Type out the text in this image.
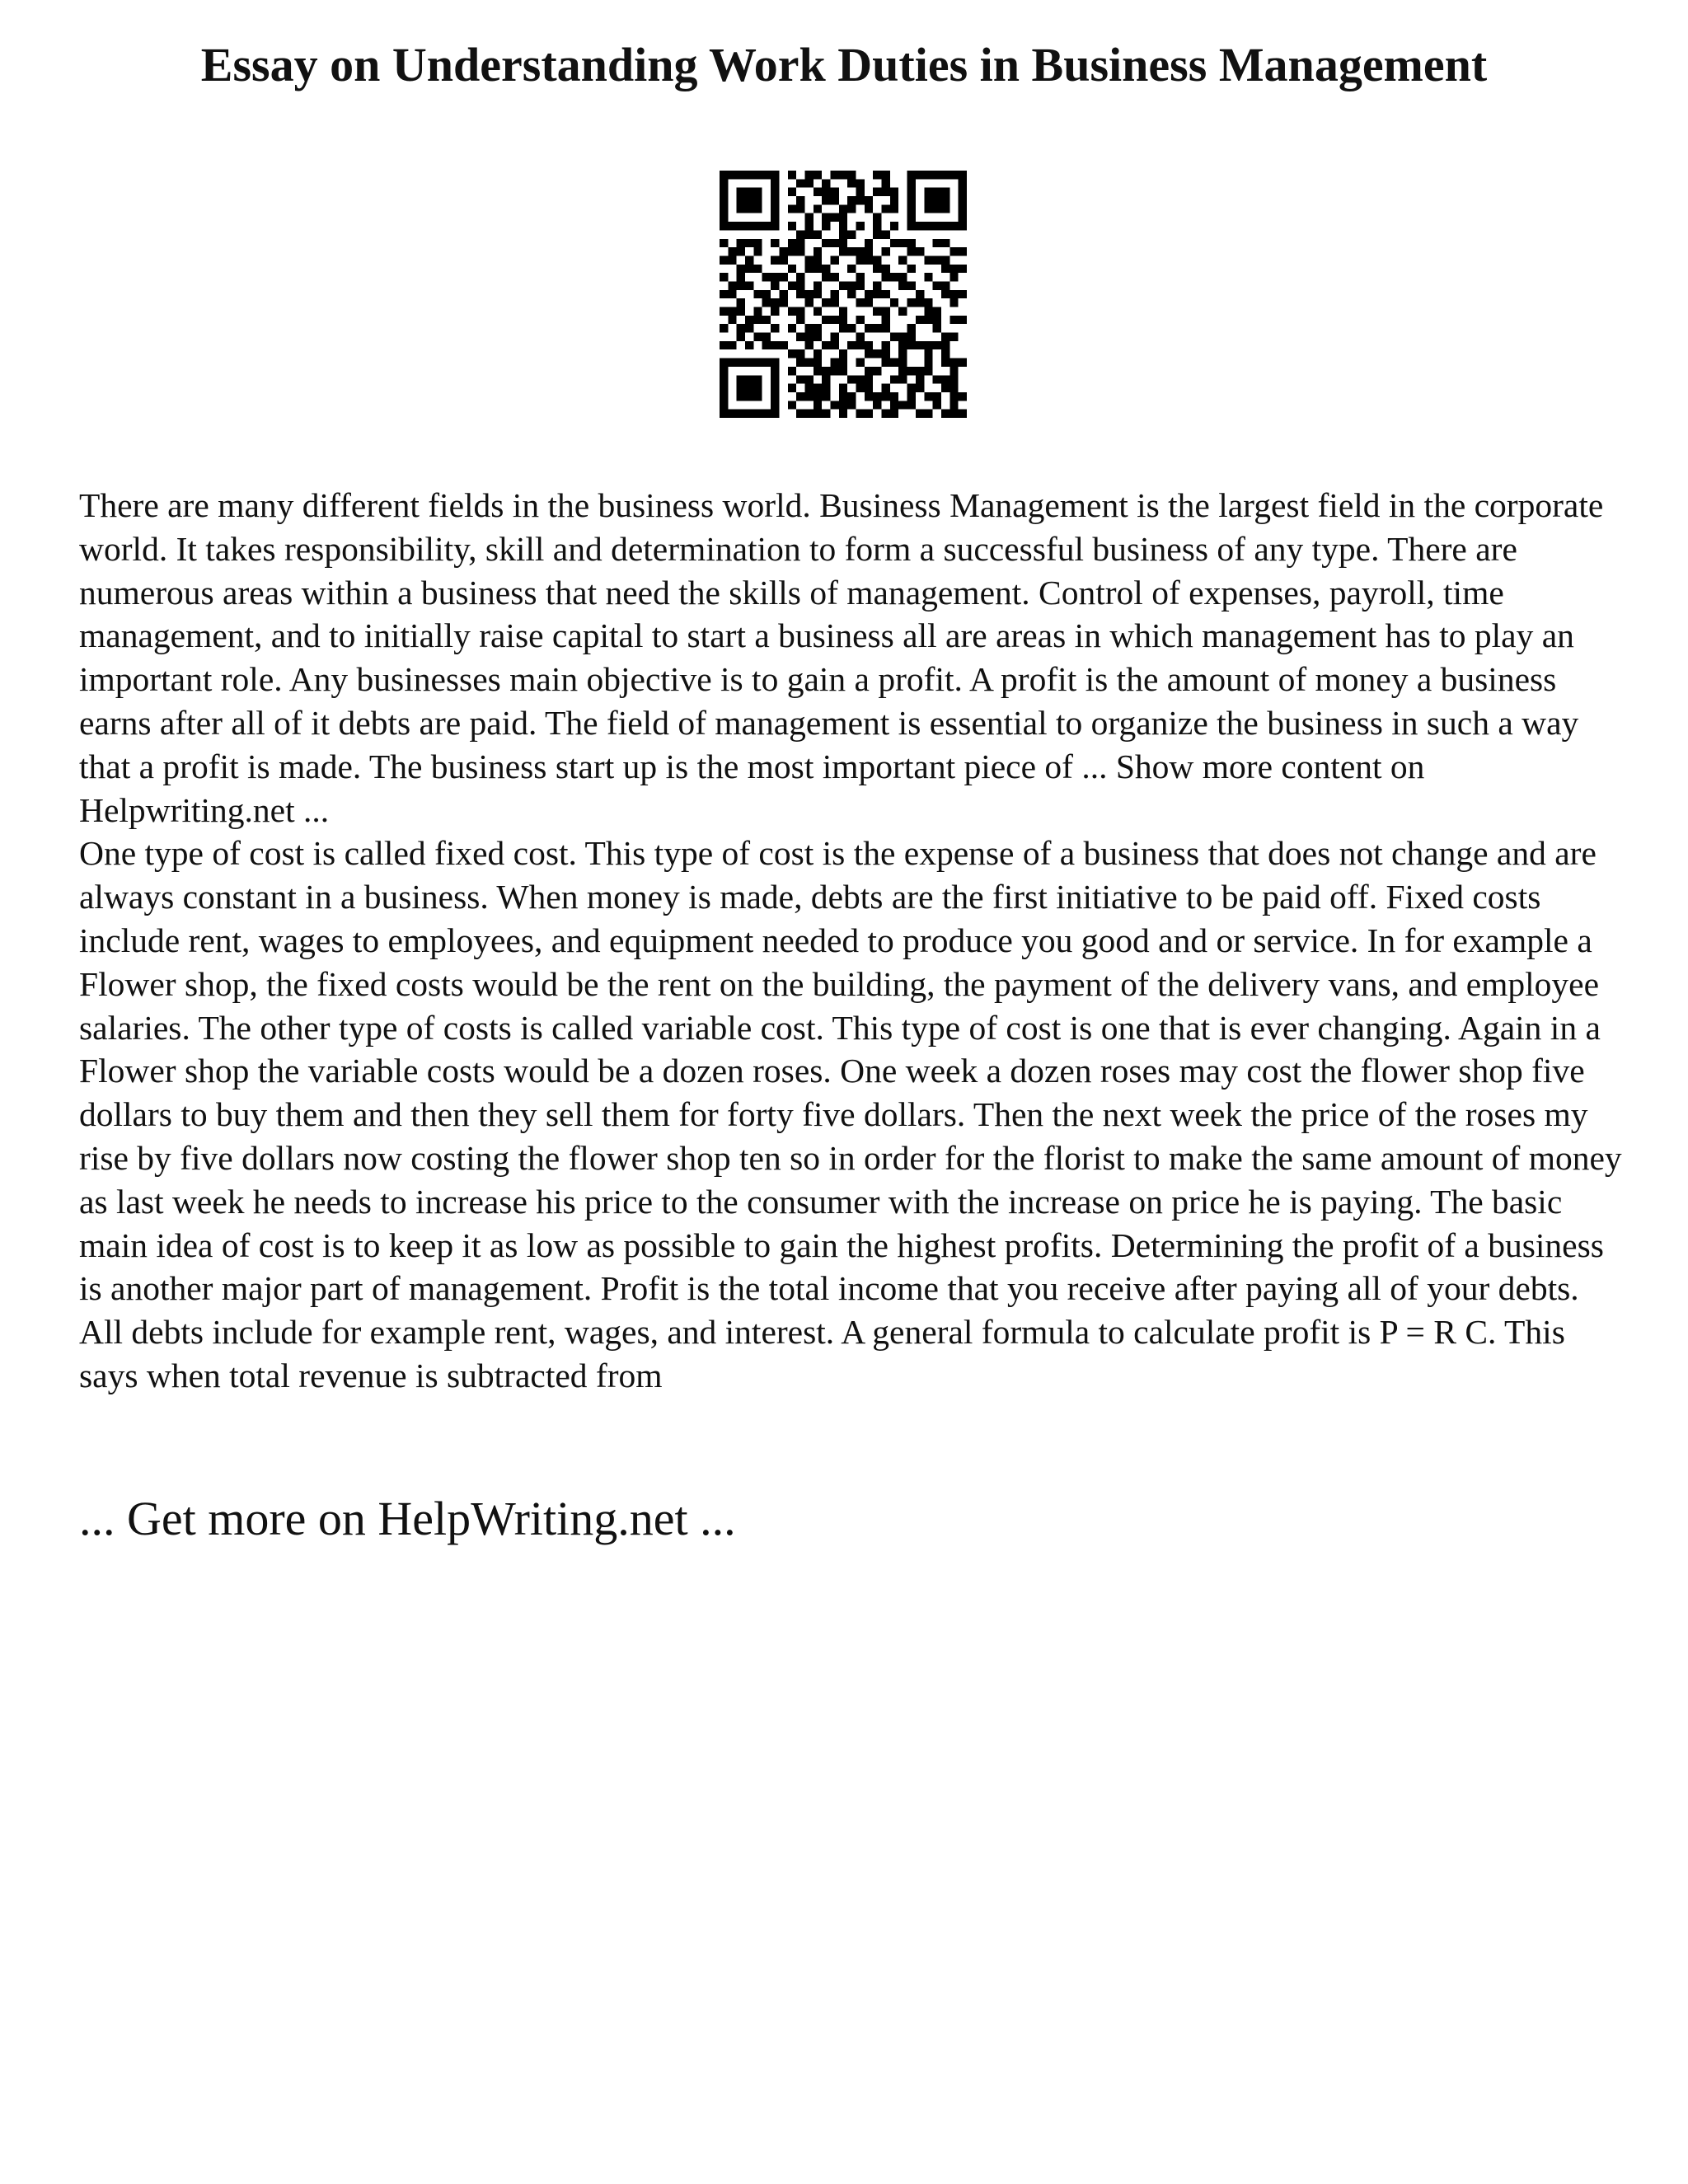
Essay on Understanding Work Duties in Business Management

There are many different fields in the business world. Business Management is the largest field in the corporate world. It takes responsibility, skill and determination to form a successful business of any type. There are numerous areas within a business that need the skills of management. Control of expenses, payroll, time management, and to initially raise capital to start a business all are areas in which management has to play an important role. Any businesses main objective is to gain a profit. A profit is the amount of money a business earns after all of it debts are paid. The field of management is essential to organize the business in such a way that a profit is made. The business start up is the most important piece of ... Show more content on Helpwriting.net ...

One type of cost is called fixed cost. This type of cost is the expense of a business that does not change and are always constant in a business. When money is made, debts are the first initiative to be paid off. Fixed costs include rent, wages to employees, and equipment needed to produce you good and or service. In for example a Flower shop, the fixed costs would be the rent on the building, the payment of the delivery vans, and employee salaries. The other type of costs is called variable cost. This type of cost is one that is ever changing. Again in a Flower shop the variable costs would be a dozen roses. One week a dozen roses may cost the flower shop five dollars to buy them and then they sell them for forty five dollars. Then the next week the price of the roses my rise by five dollars now costing the flower shop ten so in order for the florist to make the same amount of money as last week he needs to increase his price to the consumer with the increase on price he is paying. The basic main idea of cost is to keep it as low as possible to gain the highest profits. Determining the profit of a business is another major part of management. Profit is the total income that you receive after paying all of your debts. All debts include for example rent, wages, and interest. A general formula to calculate profit is P = R C. This says when total revenue is subtracted from

... Get more on HelpWriting.net ...
